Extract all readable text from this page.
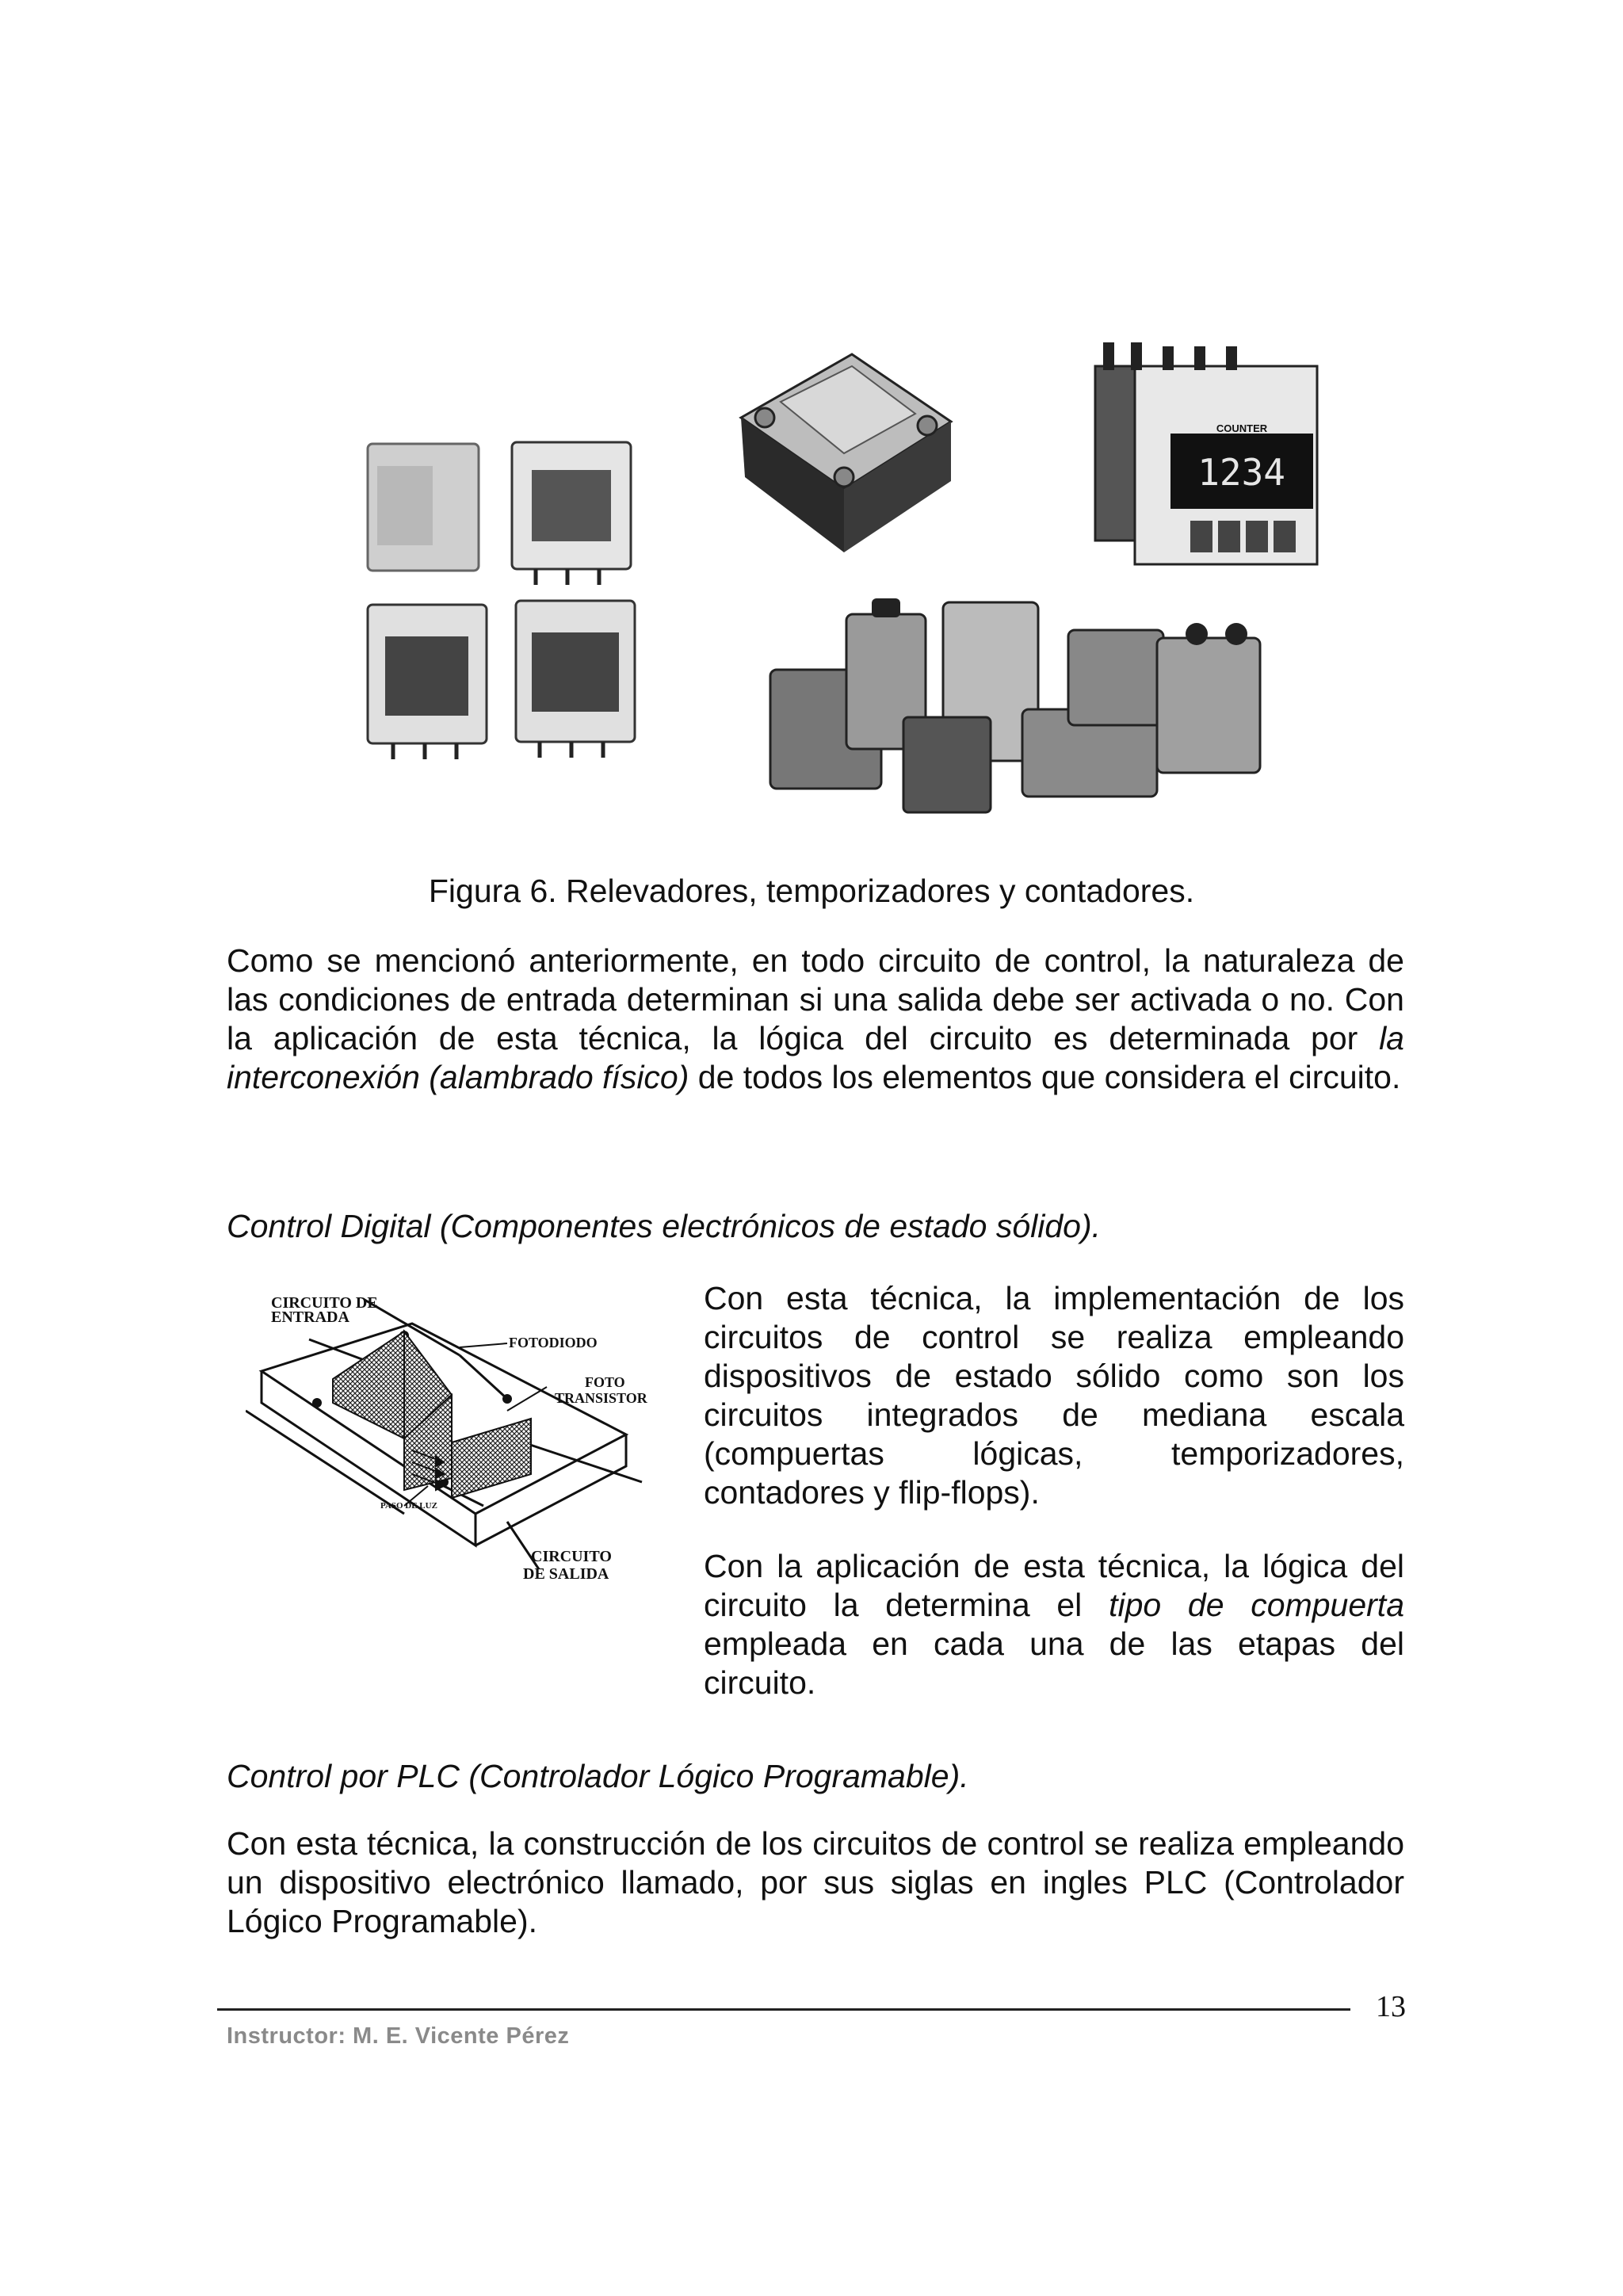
COUNTER
1234
Figura 6. Relevadores, temporizadores y contadores.
Como se mencionó anteriormente, en todo circuito de control, la naturaleza de las condiciones de entrada determinan si una salida debe ser activada o no. Con la aplicación de esta técnica, la lógica del circuito es determinada por la interconexión (alambrado físico) de todos los elementos que considera el circuito.
Control Digital (Componentes electrónicos de estado sólido).
CIRCUITO DE
ENTRADA
FOTODIODO
FOTO
TRANSISTOR
PASO DE LUZ
CIRCUITO
DE SALIDA
Con esta técnica, la implementación de los circuitos de control se realiza empleando dispositivos de estado sólido como son los circuitos integrados de mediana escala (compuertas lógicas, temporizadores, contadores y flip-flops).
Con la aplicación de esta técnica, la lógica del circuito la determina el tipo de compuerta empleada en cada una de las etapas del circuito.
Control por PLC (Controlador Lógico Programable).
Con esta técnica, la construcción de los circuitos de control se realiza empleando un dispositivo electrónico llamado, por sus siglas en ingles PLC (Controlador Lógico Programable).
13
Instructor: M. E. Vicente Pérez
